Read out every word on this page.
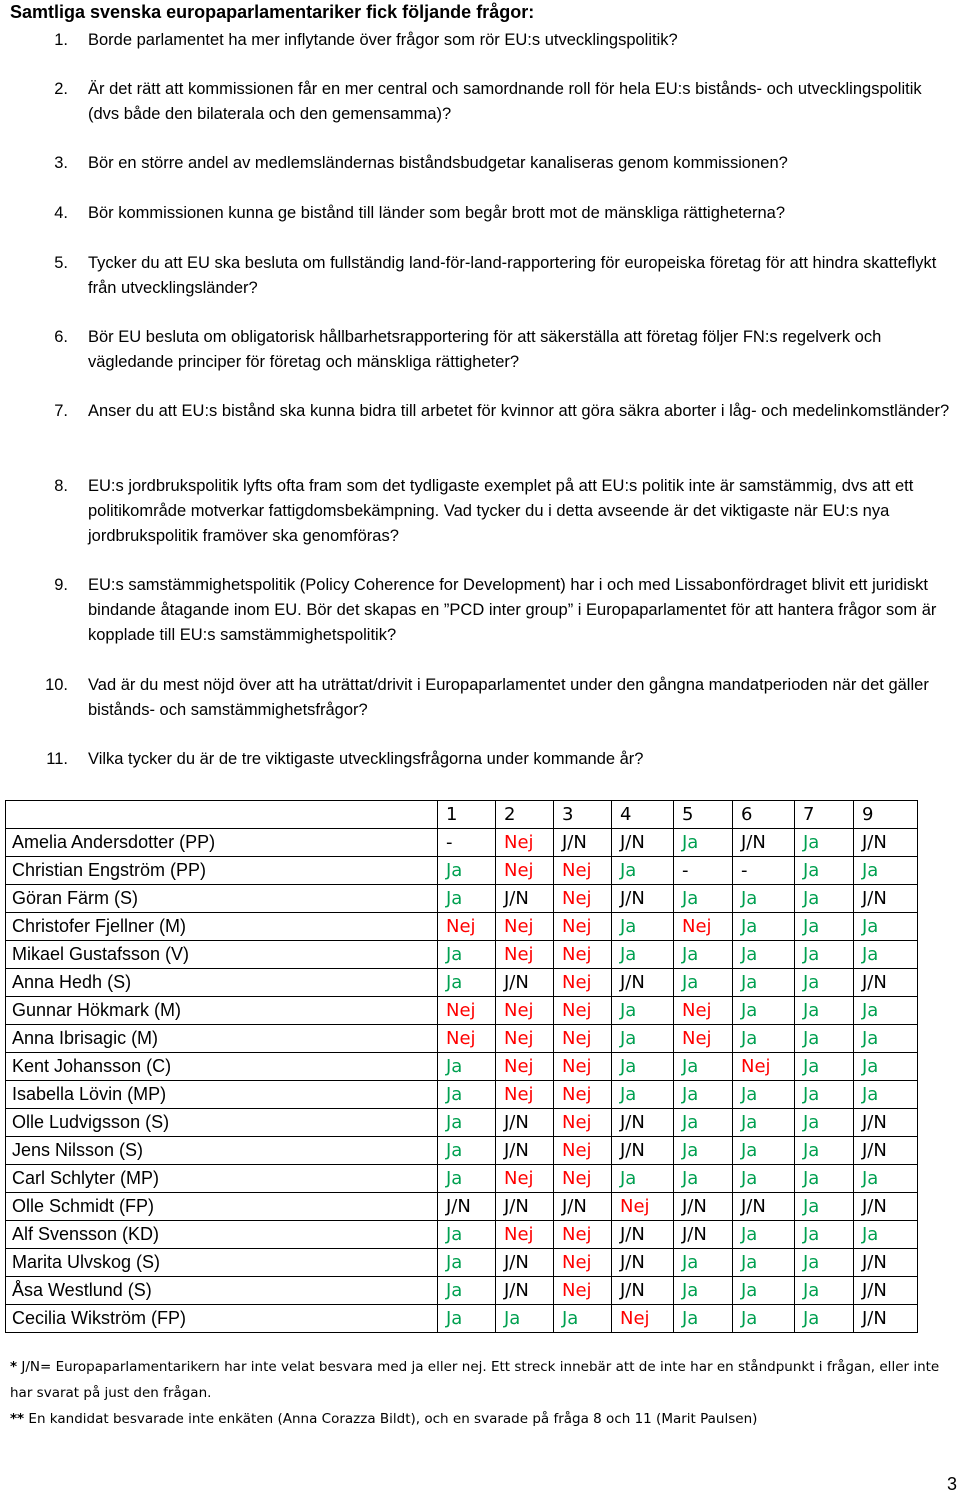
Samtliga svenska europaparlamentariker fick följande frågor:
1. Borde parlamentet ha mer inflytande över frågor som rör EU:s utvecklingspolitik?
2. Är det rätt att kommissionen får en mer central och samordnande roll för hela EU:s bistånds- och utvecklingspolitik (dvs både den bilaterala och den gemensamma)?
3. Bör en större andel av medlemsländernas biståndsbudgetar kanaliseras genom kommissionen?
4. Bör kommissionen kunna ge bistånd till länder som begår brott mot de mänskliga rättigheterna?
5. Tycker du att EU ska besluta om fullständig land-för-land-rapportering för europeiska företag för att hindra skatteflykt från utvecklingsländer?
6. Bör EU besluta om obligatorisk hållbarhetsrapportering för att säkerställa att företag följer FN:s regelverk och vägledande principer för företag och mänskliga rättigheter?
7. Anser du att EU:s bistånd ska kunna bidra till arbetet för kvinnor att göra säkra aborter i låg- och medelinkomstländer?
8. EU:s jordbrukspolitik lyfts ofta fram som det tydligaste exemplet på att EU:s politik inte är samstämmig, dvs att ett politikområde motverkar fattigdomsbekämpning. Vad tycker du i detta avseende är det viktigaste när EU:s nya jordbrukspolitik framöver ska genomföras?
9. EU:s samstämmighetspolitik (Policy Coherence for Development) har i och med Lissabonfördraget blivit ett juridiskt bindande åtagande inom EU. Bör det skapas en ”PCD inter group” i Europaparlamentet för att hantera frågor som är kopplade till EU:s samstämmighetspolitik?
10. Vad är du mest nöjd över att ha uträttat/drivit i Europaparlamentet under den gångna mandatperioden när det gäller bistånds- och samstämmighetsfrågor?
11. Vilka tycker du är de tre viktigaste utvecklingsfrågorna under kommande år?
	1	2	3	4	5	6	7	9
Amelia Andersdotter (PP)	-	Nej	J/N	J/N	Ja	J/N	Ja	J/N
Christian Engström (PP)	Ja	Nej	Nej	Ja	-	-	Ja	Ja
Göran Färm (S)	Ja	J/N	Nej	J/N	Ja	Ja	Ja	J/N
Christofer Fjellner (M)	Nej	Nej	Nej	Ja	Nej	Ja	Ja	Ja
Mikael Gustafsson (V)	Ja	Nej	Nej	Ja	Ja	Ja	Ja	Ja
Anna Hedh (S)	Ja	J/N	Nej	J/N	Ja	Ja	Ja	J/N
Gunnar Hökmark (M)	Nej	Nej	Nej	Ja	Nej	Ja	Ja	Ja
Anna Ibrisagic (M)	Nej	Nej	Nej	Ja	Nej	Ja	Ja	Ja
Kent Johansson (C)	Ja	Nej	Nej	Ja	Ja	Nej	Ja	Ja
Isabella Lövin (MP)	Ja	Nej	Nej	Ja	Ja	Ja	Ja	Ja
Olle Ludvigsson (S)	Ja	J/N	Nej	J/N	Ja	Ja	Ja	J/N
Jens Nilsson (S)	Ja	J/N	Nej	J/N	Ja	Ja	Ja	J/N
Carl Schlyter (MP)	Ja	Nej	Nej	Ja	Ja	Ja	Ja	Ja
Olle Schmidt (FP)	J/N	J/N	J/N	Nej	J/N	J/N	Ja	J/N
Alf Svensson (KD)	Ja	Nej	Nej	J/N	J/N	Ja	Ja	Ja
Marita Ulvskog (S)	Ja	J/N	Nej	J/N	Ja	Ja	Ja	J/N
Åsa Westlund (S)	Ja	J/N	Nej	J/N	Ja	Ja	Ja	J/N
Cecilia Wikström (FP)	Ja	Ja	Ja	Nej	Ja	Ja	Ja	J/N

* J/N= Europaparlamentarikern har inte velat besvara med ja eller nej. Ett streck innebär att de inte har en ståndpunkt i frågan, eller inte har svarat på just den frågan.

** En kandidat besvarade inte enkäten (Anna Corazza Bildt), och en svarade på fråga 8 och 11 (Marit Paulsen)

3
